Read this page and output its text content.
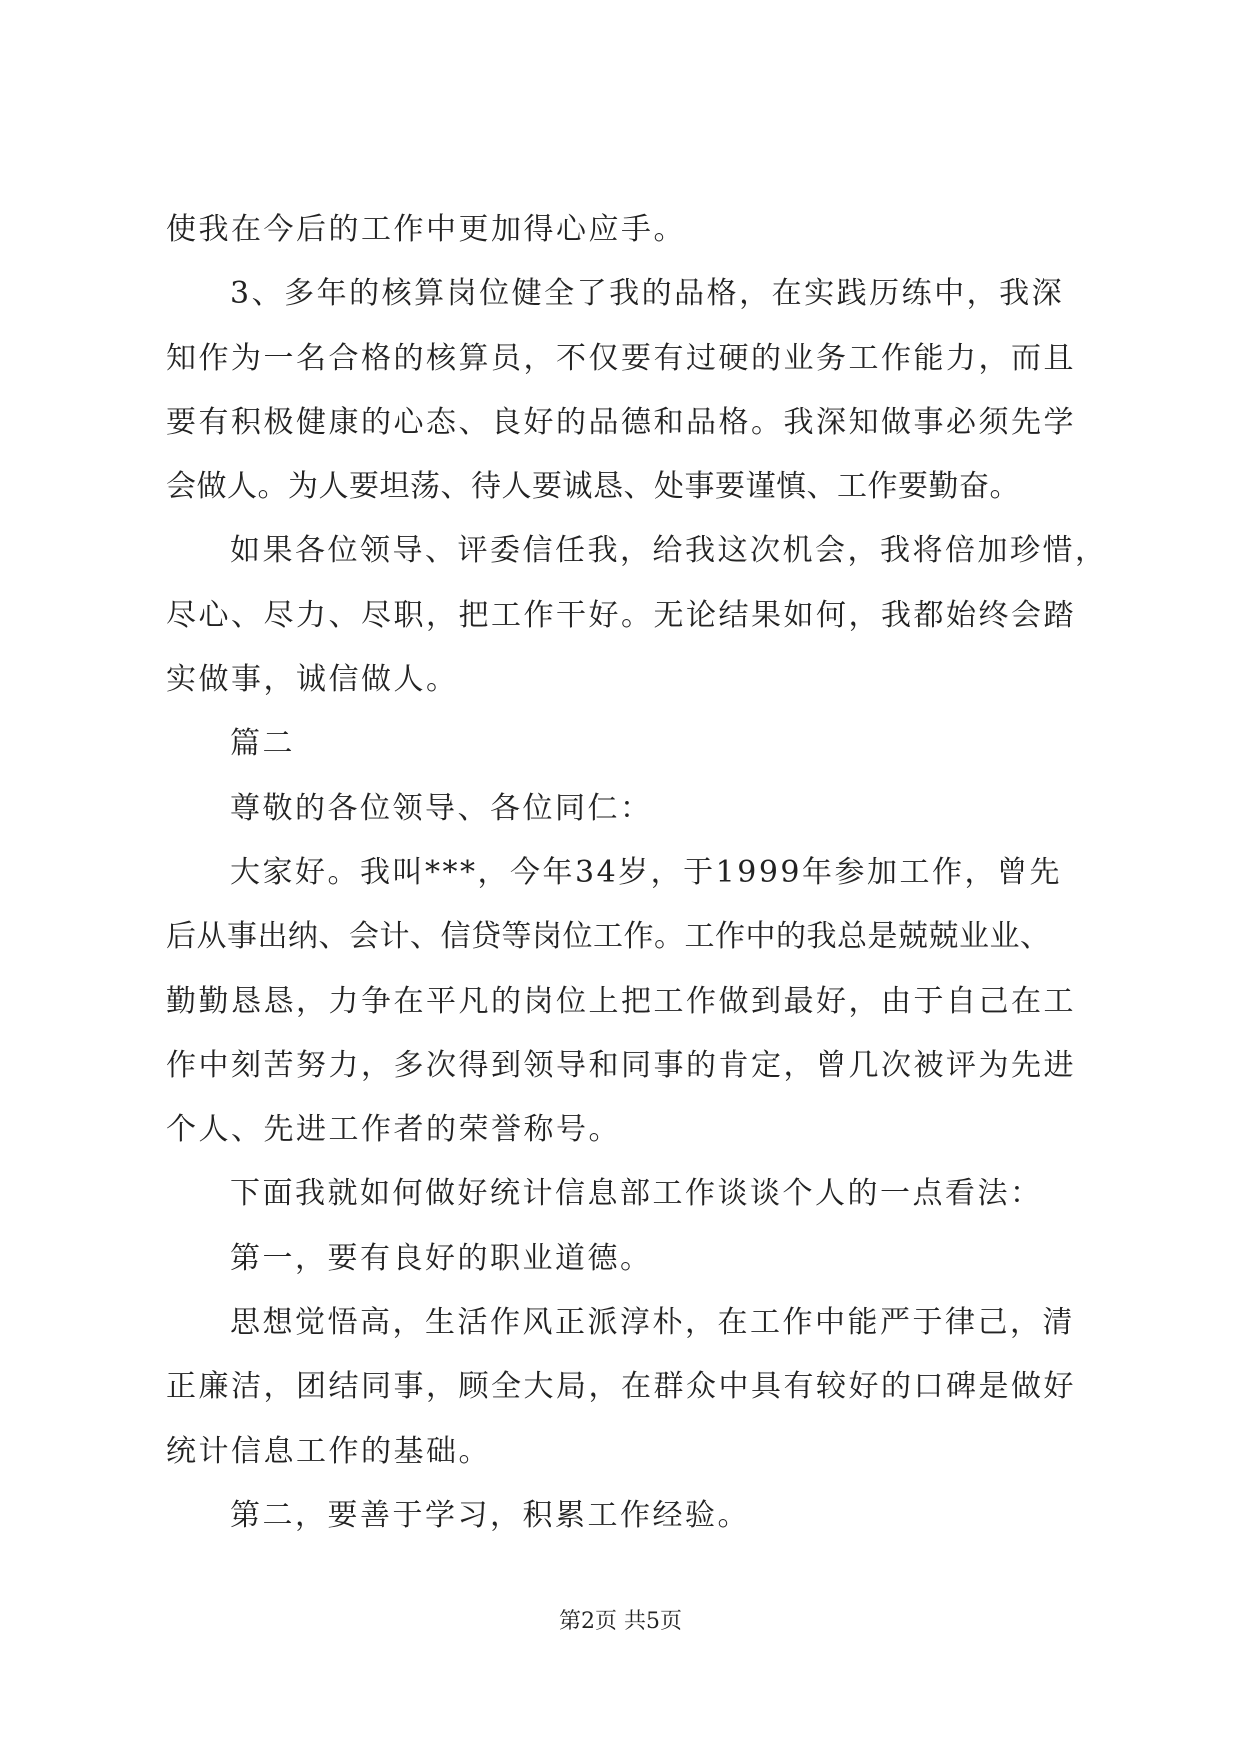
使我在今后的工作中更加得心应手。
3、多年的核算岗位健全了我的品格，在实践历练中，我深
知作为一名合格的核算员，不仅要有过硬的业务工作能力，而且
要有积极健康的心态、良好的品德和品格。我深知做事必须先学
会做人。为人要坦荡、待人要诚恳、处事要谨慎、工作要勤奋。
如果各位领导、评委信任我，给我这次机会，我将倍加珍惜，
尽心、尽力、尽职，把工作干好。无论结果如何，我都始终会踏
实做事，诚信做人。
篇二
尊敬的各位领导、各位同仁：
大家好。我叫***，今年34岁，于1999年参加工作，曾先
后从事出纳、会计、信贷等岗位工作。工作中的我总是兢兢业业、
勤勤恳恳，力争在平凡的岗位上把工作做到最好，由于自己在工
作中刻苦努力，多次得到领导和同事的肯定，曾几次被评为先进
个人、先进工作者的荣誉称号。
下面我就如何做好统计信息部工作谈谈个人的一点看法：
第一，要有良好的职业道德。
思想觉悟高，生活作风正派淳朴，在工作中能严于律己，清
正廉洁，团结同事，顾全大局，在群众中具有较好的口碑是做好
统计信息工作的基础。
第二，要善于学习，积累工作经验。
第2页 共5页
